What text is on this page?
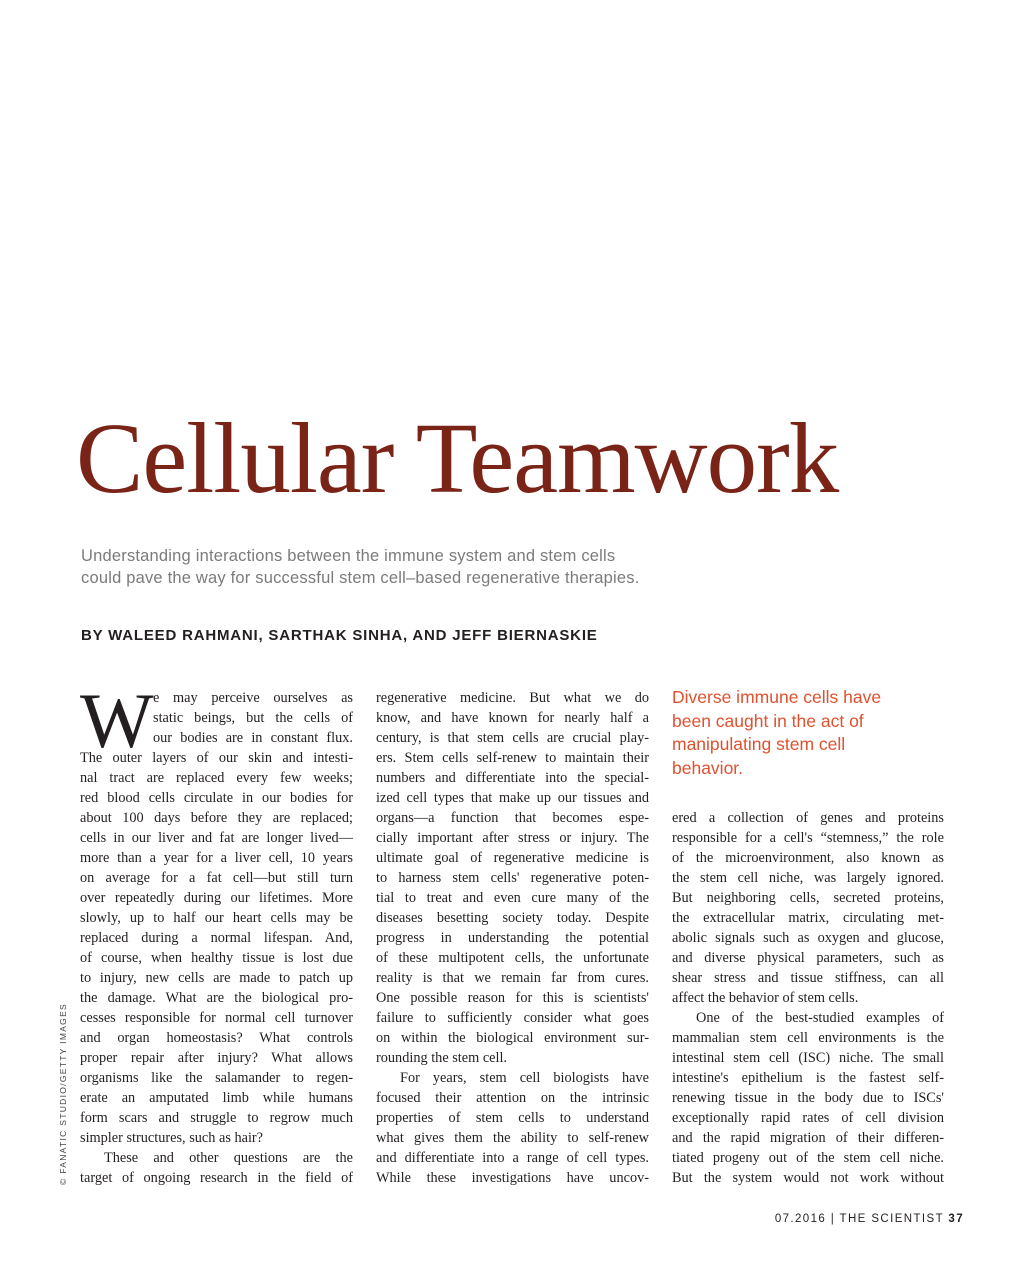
Cellular Teamwork
Understanding interactions between the immune system and stem cells
could pave the way for successful stem cell–based regenerative therapies.
BY WALEED RAHMANI, SARTHAK SINHA, AND JEFF BIERNASKIE
© FANATIC STUDIO/GETTY IMAGES
W e may perceive ourselves as
static beings, but the cells of
our bodies are in constant flux.
The outer layers of our skin and intesti-
nal tract are replaced every few weeks;
red blood cells circulate in our bodies for
about 100 days before they are replaced;
cells in our liver and fat are longer lived—
more than a year for a liver cell, 10 years
on average for a fat cell—but still turn
over repeatedly during our lifetimes. More
slowly, up to half our heart cells may be
replaced during a normal lifespan. And,
of course, when healthy tissue is lost due
to injury, new cells are made to patch up
the damage. What are the biological pro-
cesses responsible for normal cell turnover
and organ homeostasis? What controls
proper repair after injury? What allows
organisms like the salamander to regen-
erate an amputated limb while humans
form scars and struggle to regrow much
simpler structures, such as hair?
These and other questions are the
target of ongoing research in the field of
regenerative medicine. But what we do
know, and have known for nearly half a
century, is that stem cells are crucial play-
ers. Stem cells self-renew to maintain their
numbers and differentiate into the special-
ized cell types that make up our tissues and
organs—a function that becomes espe-
cially important after stress or injury. The
ultimate goal of regenerative medicine is
to harness stem cells' regenerative poten-
tial to treat and even cure many of the
diseases besetting society today. Despite
progress in understanding the potential
of these multipotent cells, the unfortunate
reality is that we remain far from cures.
One possible reason for this is scientists'
failure to sufficiently consider what goes
on within the biological environment sur-
rounding the stem cell.
For years, stem cell biologists have
focused their attention on the intrinsic
properties of stem cells to understand
what gives them the ability to self-renew
and differentiate into a range of cell types.
While these investigations have uncov-
Diverse immune cells have
been caught in the act of
manipulating stem cell
behavior.
ered a collection of genes and proteins
responsible for a cell's “stemness,” the role
of the microenvironment, also known as
the stem cell niche, was largely ignored.
But neighboring cells, secreted proteins,
the extracellular matrix, circulating met-
abolic signals such as oxygen and glucose,
and diverse physical parameters, such as
shear stress and tissue stiffness, can all
affect the behavior of stem cells.
One of the best-studied examples of
mammalian stem cell environments is the
intestinal stem cell (ISC) niche. The small
intestine's epithelium is the fastest self-
renewing tissue in the body due to ISCs'
exceptionally rapid rates of cell division
and the rapid migration of their differen-
tiated progeny out of the stem cell niche.
But the system would not work without
07.2016 | THE SCIENTIST 37
